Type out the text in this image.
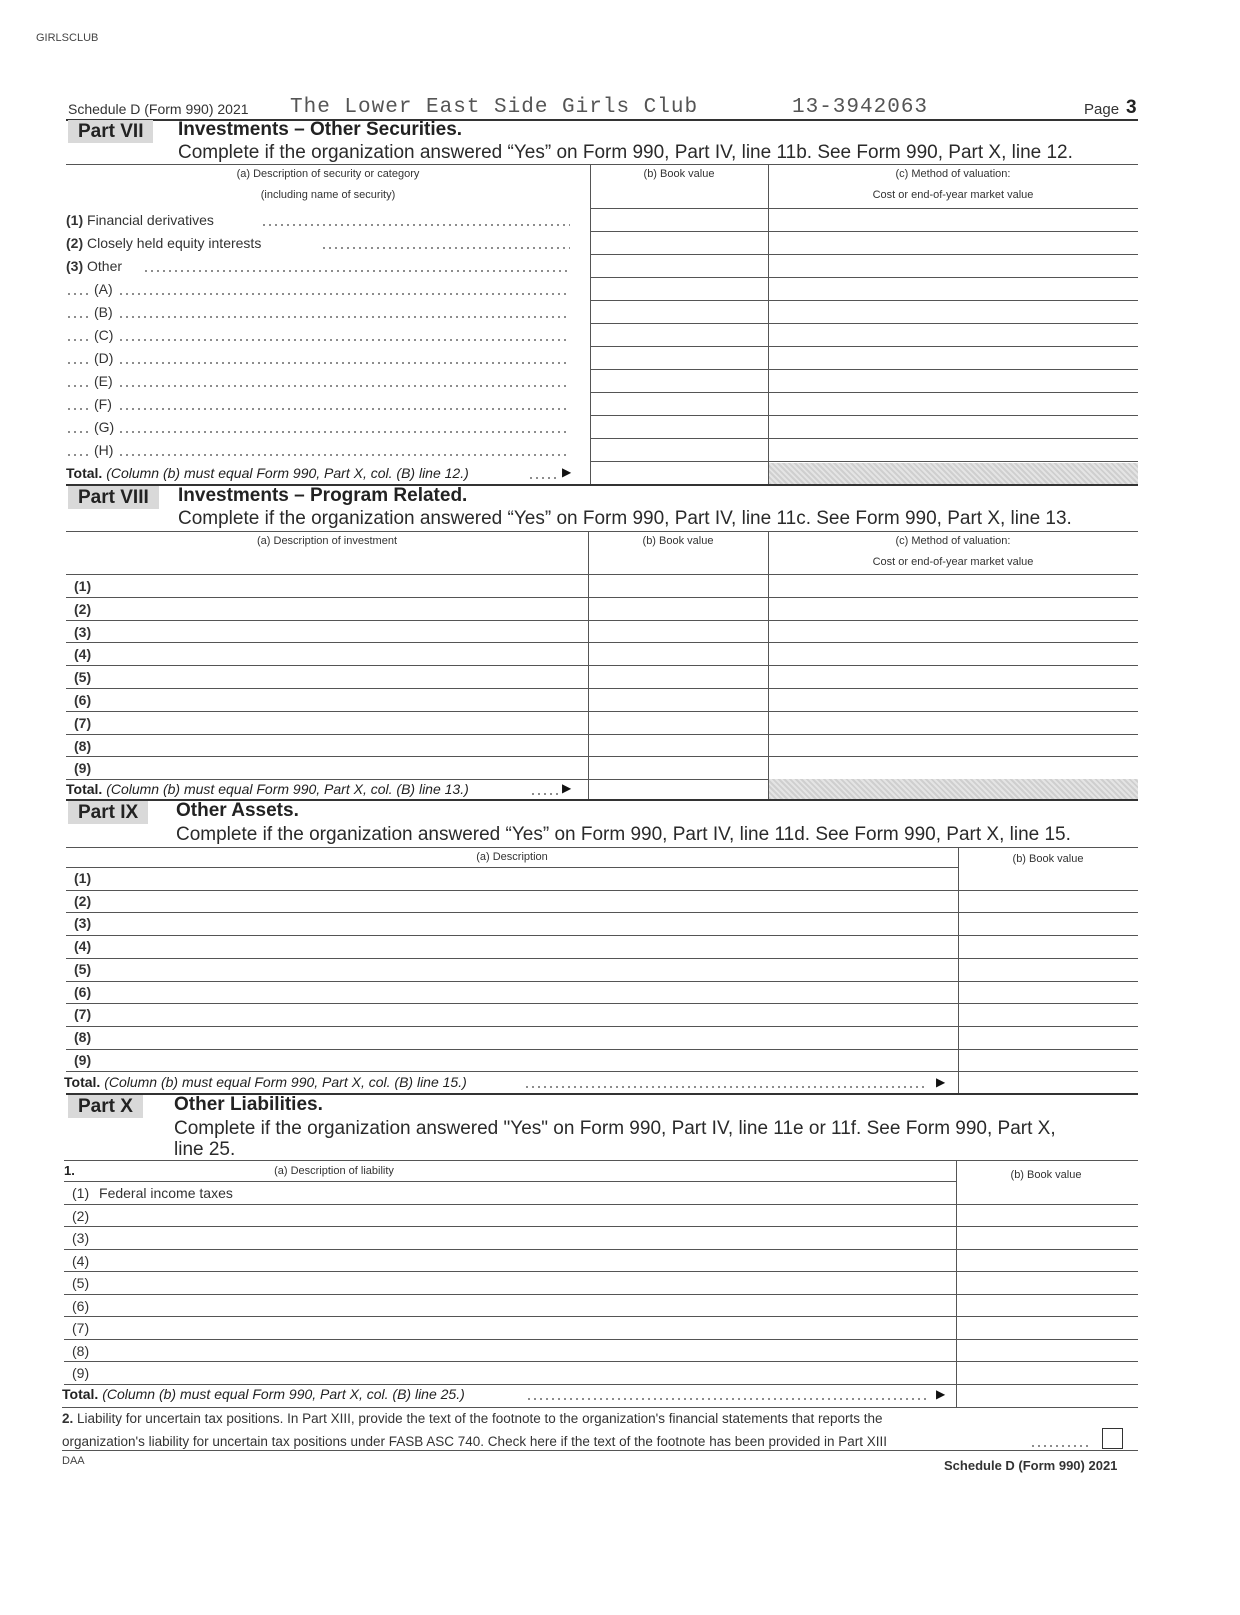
GIRLSCLUB
Schedule D (Form 990) 2021 The Lower East Side Girls Club	13-3942063	Page 3
Part VII	Investments – Other Securities.
Complete if the organization answered “Yes” on Form 990, Part IV, line 11b. See Form 990, Part X, line 12.
(a) Description of security or category
(including name of security)
(b) Book value	(c) Method of valuation:
Cost or end-of-year market value
(1) Financial derivatives
(2) Closely held equity interests
(3) Other
(A)
(B)
(C)
(D)
(E)
(F)
(G)
(H)
Total. (Column (b) must equal Form 990, Part X, col. (B) line 12.)	▶
Part VIII	Investments – Program Related.
Complete if the organization answered “Yes” on Form 990, Part IV, line 11c. See Form 990, Part X, line 13.
(a) Description of investment	(b) Book value	(c) Method of valuation:
Cost or end-of-year market value
(1)
(2)
(3)
(4)
(5)
(6)
(7)
(8)
(9)
Total. (Column (b) must equal Form 990, Part X, col. (B) line 13.)	▶
Part IX	Other Assets.
Complete if the organization answered “Yes” on Form 990, Part IV, line 11d. See Form 990, Part X, line 15.
(a) Description	(b) Book value
(1)
(2)
(3)
(4)
(5)
(6)
(7)
(8)
(9)
Total. (Column (b) must equal Form 990, Part X, col. (B) line 15.)	▶
Part X	Other Liabilities.
Complete if the organization answered "Yes" on Form 990, Part IV, line 11e or 11f. See Form 990, Part X,
line 25.
1.	(a) Description of liability	(b) Book value
(1) Federal income taxes
(2)
(3)
(4)
(5)
(6)
(7)
(8)
(9)
Total. (Column (b) must equal Form 990, Part X, col. (B) line 25.)	▶
2. Liability for uncertain tax positions. In Part XIII, provide the text of the footnote to the organization's financial statements that reports the
organization's liability for uncertain tax positions under FASB ASC 740. Check here if the text of the footnote has been provided in Part XIII
DAA	Schedule D (Form 990) 2021
